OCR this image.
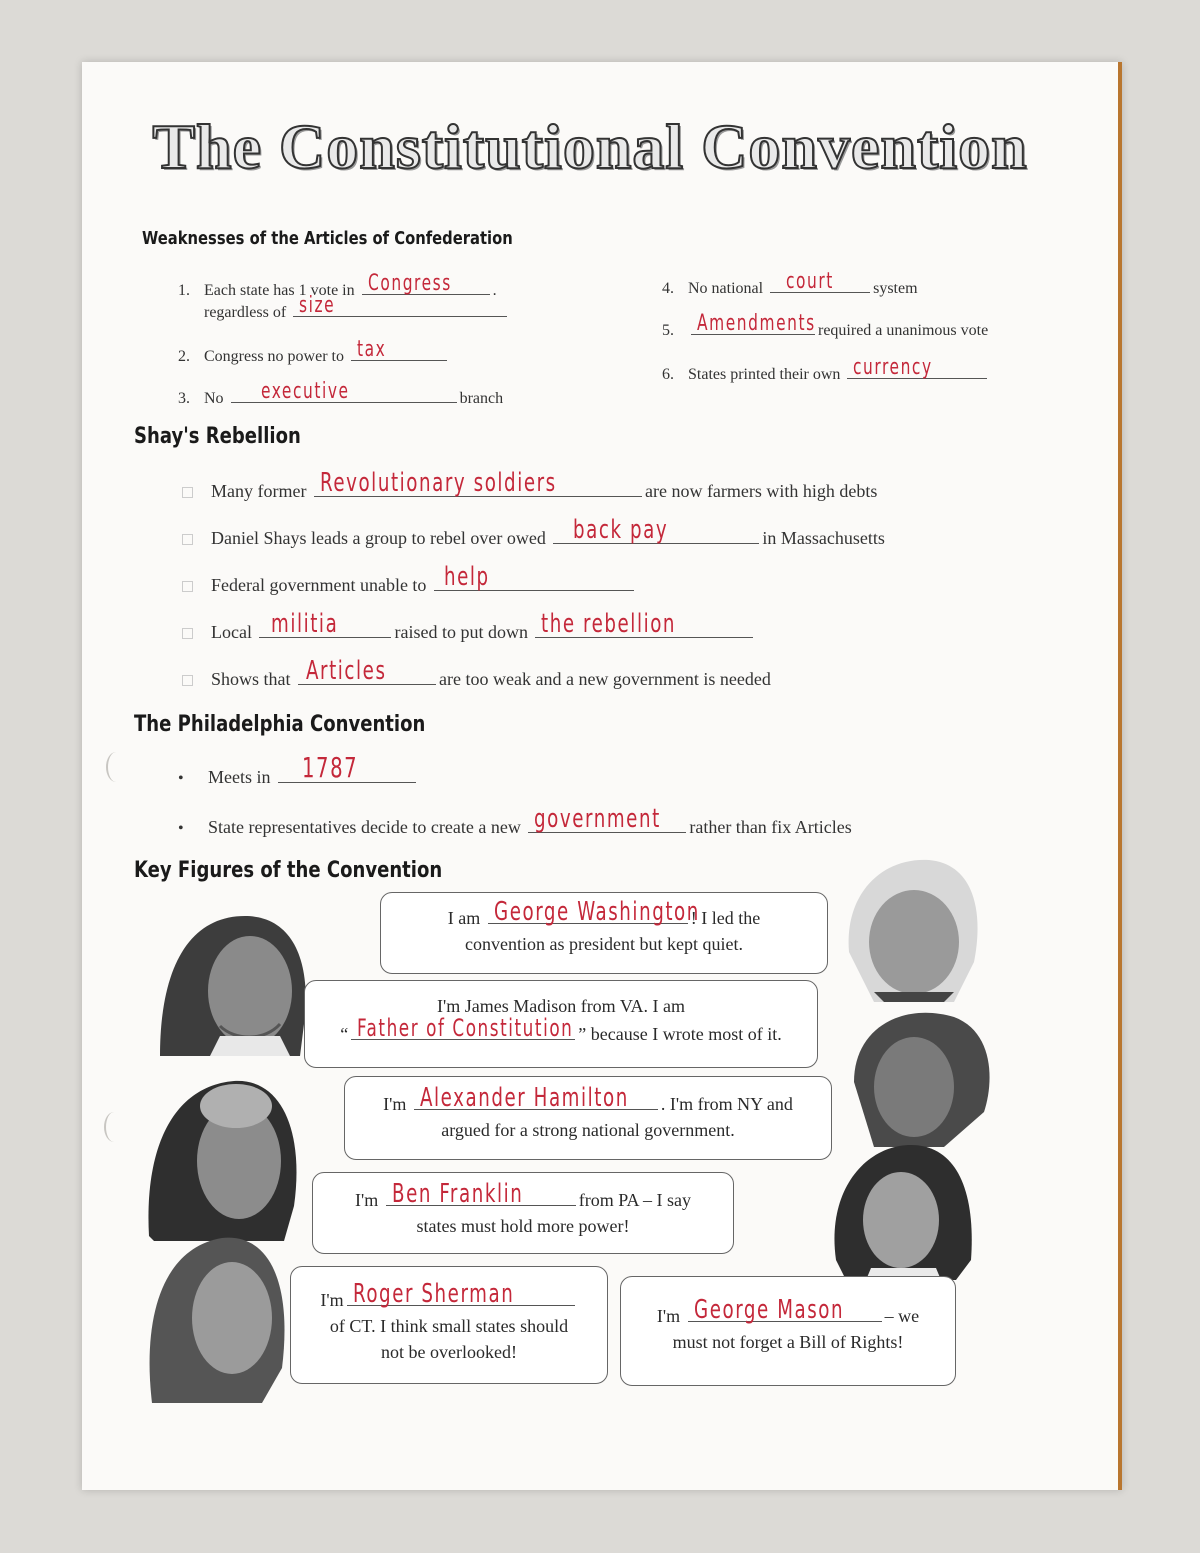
The Constitutional Convention
Weaknesses of the Articles of Confederation
1. Each state has 1 vote in Congress	.
regardless of size
2. Congress no power to tax
3. No executive	branch
4. No national court system
5. Amendments required a unanimous vote
6. States printed their own currency
Shay's Rebellion
Many former Revolutionary soldiers	are now farmers with high debts
Daniel Shays leads a group to rebel over owed back pay	in Massachusetts
Federal government unable to help
Local militia	raised to put down the rebellion
Shows that Articles	are too weak and a new government is needed
The Philadelphia Convention
• Meets in 1787
• State representatives decide to create a new government rather than fix Articles
Key Figures of the Convention
I am George Washington
! I led the
convention as president but kept quiet.
I'm James Madison from VA. I am
“ Father of Constitution ” because I wrote most of it.
I'm Alexander Hamilton . I'm from NY and
argued for a strong national government.
I'm Ben Franklin	from PA – I say
states must hold more power!
I'm Roger Sherman
of CT. I think small states should
not be overlooked!
I'm George Mason – we
must not forget a Bill of Rights!
